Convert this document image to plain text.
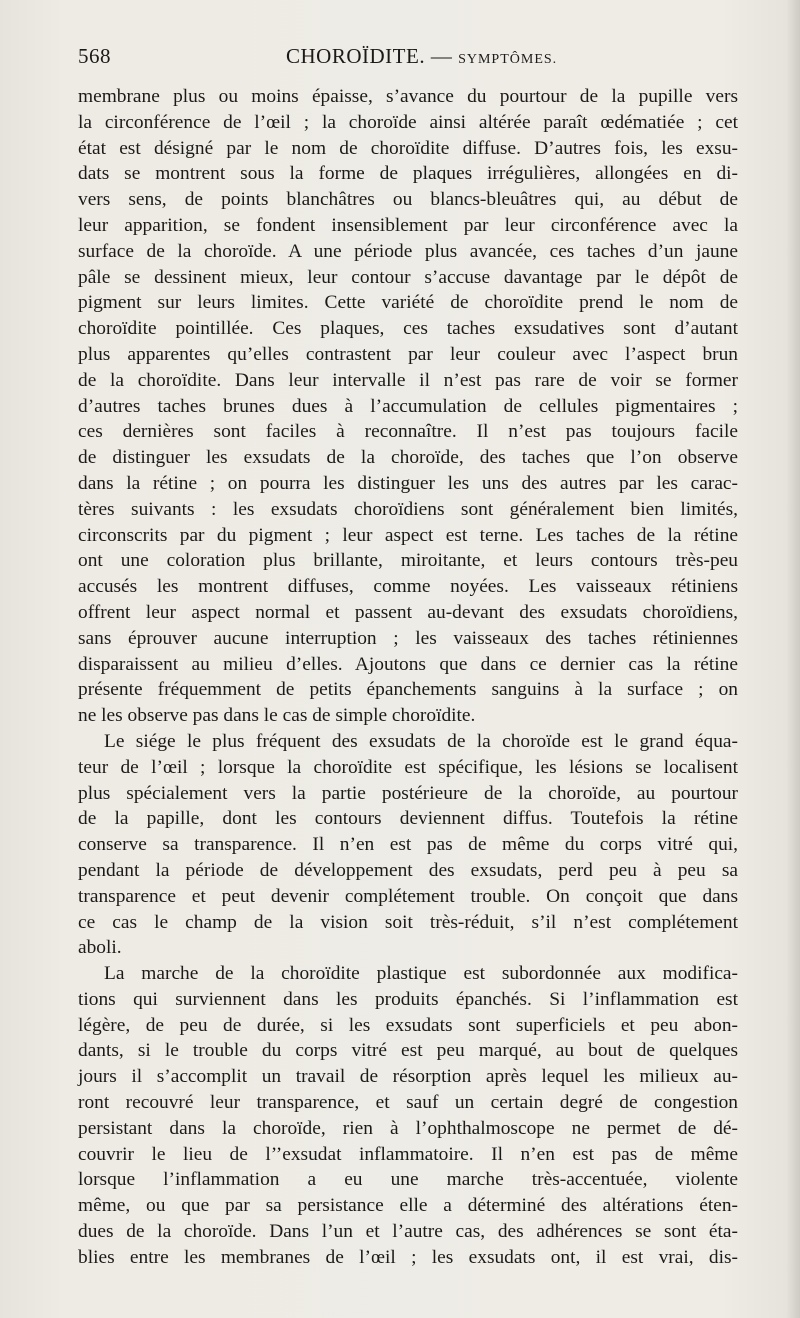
568	CHOROÏDITE. — SYMPTÔMES.
membrane plus ou moins épaisse, s’avance du pourtour de la pupille vers
la circonférence de l’œil ; la choroïde ainsi altérée paraît œdématiée ; cet
état est désigné par le nom de choroïdite diffuse. D’autres fois, les exsu-
dats se montrent sous la forme de plaques irrégulières, allongées en di-
vers sens, de points blanchâtres ou blancs-bleuâtres qui, au début de
leur apparition, se fondent insensiblement par leur circonférence avec la
surface de la choroïde. A une période plus avancée, ces taches d’un jaune
pâle se dessinent mieux, leur contour s’accuse davantage par le dépôt de
pigment sur leurs limites. Cette variété de choroïdite prend le nom de
choroïdite pointillée. Ces plaques, ces taches exsudatives sont d’autant
plus apparentes qu’elles contrastent par leur couleur avec l’aspect brun
de la choroïdite. Dans leur intervalle il n’est pas rare de voir se former
d’autres taches brunes dues à l’accumulation de cellules pigmentaires ;
ces dernières sont faciles à reconnaître. Il n’est pas toujours facile
de distinguer les exsudats de la choroïde, des taches que l’on observe
dans la rétine ; on pourra les distinguer les uns des autres par les carac-
tères suivants : les exsudats choroïdiens sont généralement bien limités,
circonscrits par du pigment ; leur aspect est terne. Les taches de la rétine
ont une coloration plus brillante, miroitante, et leurs contours très-peu
accusés les montrent diffuses, comme noyées. Les vaisseaux rétiniens
offrent leur aspect normal et passent au-devant des exsudats choroïdiens,
sans éprouver aucune interruption ; les vaisseaux des taches rétiniennes
disparaissent au milieu d’elles. Ajoutons que dans ce dernier cas la rétine
présente fréquemment de petits épanchements sanguins à la surface ; on
ne les observe pas dans le cas de simple choroïdite.
Le siége le plus fréquent des exsudats de la choroïde est le grand équa-
teur de l’œil ; lorsque la choroïdite est spécifique, les lésions se localisent
plus spécialement vers la partie postérieure de la choroïde, au pourtour
de la papille, dont les contours deviennent diffus. Toutefois la rétine
conserve sa transparence. Il n’en est pas de même du corps vitré qui,
pendant la période de développement des exsudats, perd peu à peu sa
transparence et peut devenir complétement trouble. On conçoit que dans
ce cas le champ de la vision soit très-réduit, s’il n’est complétement
aboli.
La marche de la choroïdite plastique est subordonnée aux modifica-
tions qui surviennent dans les produits épanchés. Si l’inflammation est
légère, de peu de durée, si les exsudats sont superficiels et peu abon-
dants, si le trouble du corps vitré est peu marqué, au bout de quelques
jours il s’accomplit un travail de résorption après lequel les milieux au-
ront recouvré leur transparence, et sauf un certain degré de congestion
persistant dans la choroïde, rien à l’ophthalmoscope ne permet de dé-
couvrir le lieu de l’’exsudat inflammatoire. Il n’en est pas de même
lorsque l’inflammation a eu une marche très-accentuée, violente
même, ou que par sa persistance elle a déterminé des altérations éten-
dues de la choroïde. Dans l’un et l’autre cas, des adhérences se sont éta-
blies entre les membranes de l’œil ; les exsudats ont, il est vrai, dis-
